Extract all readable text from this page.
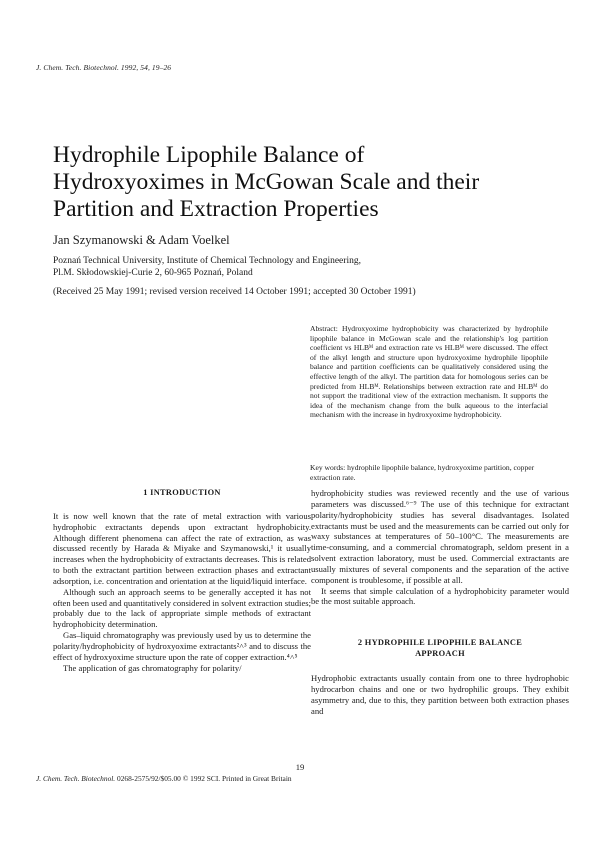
J. Chem. Tech. Biotechnol. 1992, 54, 19–26
Hydrophile Lipophile Balance of
Hydroxyoximes in McGowan Scale and their
Partition and Extraction Properties
Jan Szymanowski & Adam Voelkel
Poznań Technical University, Institute of Chemical Technology and Engineering,
Pl.M. Skłodowskiej-Curie 2, 60-965 Poznań, Poland
(Received 25 May 1991; revised version received 14 October 1991; accepted 30 October 1991)

Abstract: Hydroxyoxime hydrophobicity was characterized by hydrophile lipophile balance in McGowan scale and the relationship's log partition coefficient vs HLBᴹ and extraction rate vs HLBᴹ were discussed. The effect of the alkyl length and structure upon hydroxyoxime hydrophile lipophile balance and partition coefficients can be qualitatively considered using the effective length of the alkyl. The partition data for homologous series can be predicted from HLBᴹ. Relationships between extraction rate and HLBᴹ do not support the traditional view of the extraction mechanism. It supports the idea of the mechanism change from the bulk aqueous to the interfacial mechanism with the increase in hydroxyoxime hydrophobicity.

Key words: hydrophile lipophile balance, hydroxyoxime partition, copper extraction rate.

1 INTRODUCTION

It is now well known that the rate of metal extraction with various hydrophobic extractants depends upon extractant hydrophobicity. Although different phenomena can affect the rate of extraction, as was discussed recently by Harada & Miyake and Szymanowski,¹ it usually increases when the hydrophobicity of extractants decreases. This is related to both the extractant partition between extraction phases and extractant adsorption, i.e. concentration and orientation at the liquid/liquid interface.

Although such an approach seems to be generally accepted it has not often been used and quantitatively considered in solvent extraction studies; probably due to the lack of appropriate simple methods of extractant hydrophobicity determination.

Gas–liquid chromatography was previously used by us to determine the polarity/hydrophobicity of hydroxyoxime extractants²˄³ and to discuss the effect of hydroxyoxime structure upon the rate of copper extraction.⁴˄⁵

The application of gas chromatography for polarity/

hydrophobicity studies was reviewed recently and the use of various parameters was discussed.⁶⁻⁹ The use of this technique for extractant polarity/hydrophobicity studies has several disadvantages. Isolated extractants must be used and the measurements can be carried out only for waxy substances at temperatures of 50–100°C. The measurements are time-consuming, and a commercial chromatograph, seldom present in a solvent extraction laboratory, must be used. Commercial extractants are usually mixtures of several components and the separation of the active component is troublesome, if possible at all.

It seems that simple calculation of a hydrophobicity parameter would be the most suitable approach.

2 HYDROPHILE LIPOPHILE BALANCE
APPROACH

Hydrophobic extractants usually contain from one to three hydrophobic hydrocarbon chains and one or two hydrophilic groups. They exhibit asymmetry and, due to this, they partition between both extraction phases and

19
J. Chem. Tech. Biotechnol. 0268-2575/92/$05.00 © 1992 SCI. Printed in Great Britain
